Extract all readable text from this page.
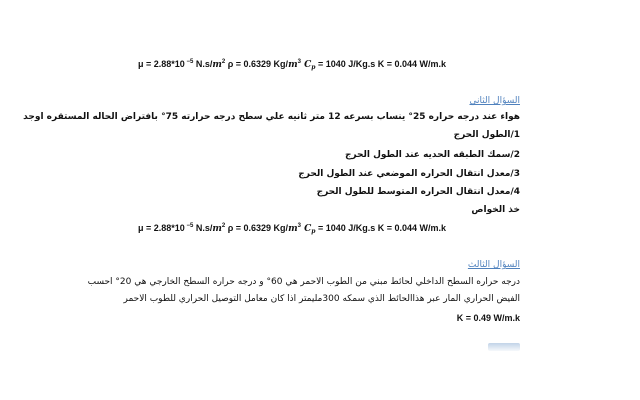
μ = 2.88*10 $^{-5}$ $N.s/m^2$ ρ = 0.6329 $Kg/m^3$ $C_p = 1040$ J/Kg.s K = 0.044 W/m.k
السؤال الثاني
هواء عند درجه حراره 25° ينساب بسرعه 12 متر ثانيه علي سطح درجه حرارته 75° بافتراض الحاله المستقره اوجد
1/الطول الحرج
2/سمك الطبقه الحديه عند الطول الحرج
3/معدل انتقال الحراره الموضعي عند الطول الحرج
4/معدل انتقال الحراره المتوسط للطول الحرج
خذ الخواص
μ = 2.88*10 $^{-5}$ $N.s/m^2$ ρ = 0.6329 $Kg/m^3$ $C_p = 1040$ J/Kg.s K = 0.044 W/m.k
السؤال الثالث
درجه حراره السطح الداخلي لحائط مبني من الطوب الاحمر هي 60° و درجه حراره السطح الخارجي هي 20° احسب
الفيض الحراري المار عبر هذاالحائط الذي سمكه 300مليمتر اذا كان معامل التوصيل الحراري للطوب الاحمر
K = 0.49 W/m.k
